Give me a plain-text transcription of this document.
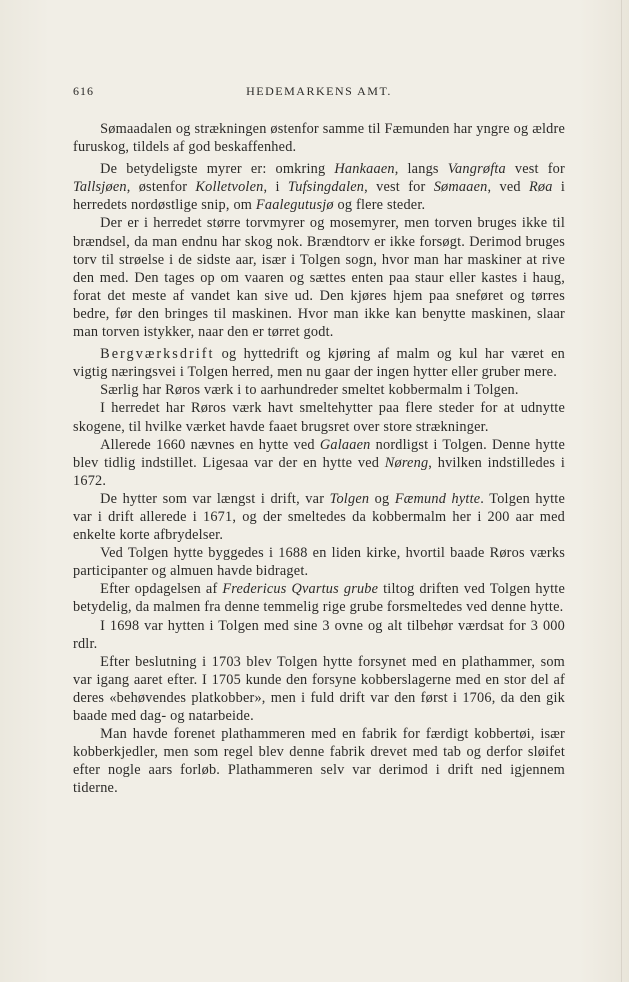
616	HEDEMARKENS AMT.

Sømaadalen og strækningen østenfor samme til Fæmunden har yngre og ældre furuskog, tildels af god beskaffenhed.

De betydeligste myrer er: omkring Hankaaen, langs Vangrøfta vest for Tallsjøen, østenfor Kolletvolen, i Tufsingdalen, vest for Sømaaen, ved Røa i herredets nordøstlige snip, om Faalegutusjø og flere steder.

Der er i herredet større torvmyrer og mosemyrer, men torven bruges ikke til brændsel, da man endnu har skog nok. Brændtorv er ikke forsøgt. Derimod bruges torv til strøelse i de sidste aar, især i Tolgen sogn, hvor man har maskiner at rive den med. Den tages op om vaaren og sættes enten paa staur eller kastes i haug, forat det meste af vandet kan sive ud. Den kjøres hjem paa sneføret og tørres bedre, før den bringes til maskinen. Hvor man ikke kan benytte maskinen, slaar man torven istykker, naar den er tørret godt.

Bergværksdrift og hyttedrift og kjøring af malm og kul har været en vigtig næringsvei i Tolgen herred, men nu gaar der ingen hytter eller gruber mere.

Særlig har Røros værk i to aarhundreder smeltet kobbermalm i Tolgen.

I herredet har Røros værk havt smeltehytter paa flere steder for at udnytte skogene, til hvilke værket havde faaet brugsret over store strækninger.

Allerede 1660 nævnes en hytte ved Galaaen nordligst i Tolgen. Denne hytte blev tidlig indstillet. Ligesaa var der en hytte ved Nøreng, hvilken indstilledes i 1672.

De hytter som var længst i drift, var Tolgen og Fæmund hytte. Tolgen hytte var i drift allerede i 1671, og der smeltedes da kobbermalm her i 200 aar med enkelte korte afbrydelser.

Ved Tolgen hytte byggedes i 1688 en liden kirke, hvortil baade Røros værks participanter og almuen havde bidraget.

Efter opdagelsen af Fredericus Qvartus grube tiltog driften ved Tolgen hytte betydelig, da malmen fra denne temmelig rige grube forsmeltedes ved denne hytte.

I 1698 var hytten i Tolgen med sine 3 ovne og alt tilbehør værdsat for 3 000 rdlr.

Efter beslutning i 1703 blev Tolgen hytte forsynet med en plathammer, som var igang aaret efter. I 1705 kunde den forsyne kobberslagerne med en stor del af deres «behøvendes platkobber», men i fuld drift var den først i 1706, da den gik baade med dag- og natarbeide.

Man havde forenet plathammeren med en fabrik for færdigt kobbertøi, især kobberkjedler, men som regel blev denne fabrik drevet med tab og derfor sløifet efter nogle aars forløb. Plathammeren selv var derimod i drift ned igjennem tiderne.
